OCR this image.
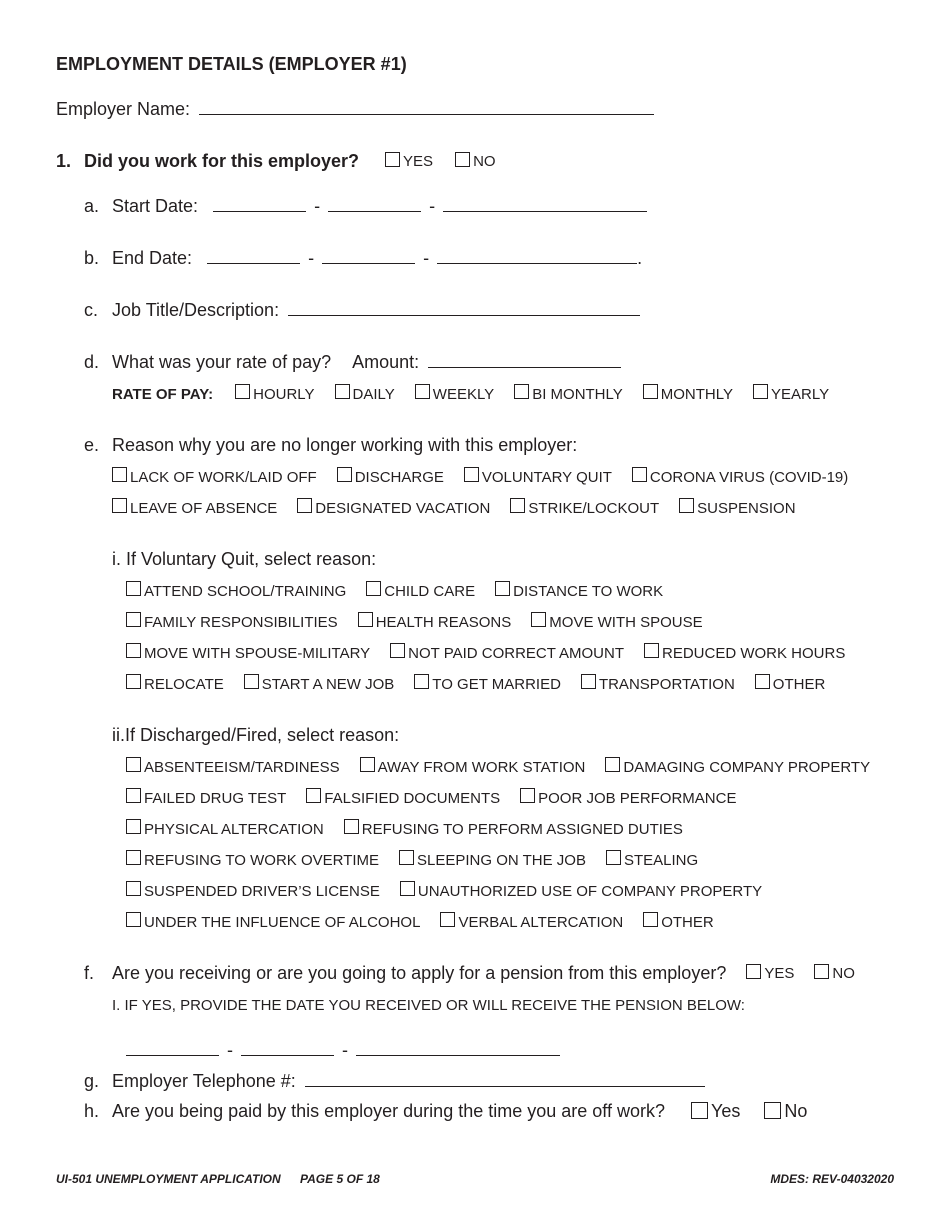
EMPLOYMENT DETAILS (EMPLOYER #1)
Employer Name:
1. Did you work for this employer?	YES	NO
a. Start Date:	-	-
b. End Date:	-	-	.
c. Job Title/Description:
d. What was your rate of pay? Amount:
RATE OF PAY:	HOURLY	DAILY	WEEKLY	BI MONTHLY	MONTHLY	YEARLY
e. Reason why you are no longer working with this employer:
LACK OF WORK/LAID OFF	DISCHARGE	VOLUNTARY QUIT	CORONA VIRUS (COVID-19)
LEAVE OF ABSENCE	DESIGNATED VACATION	STRIKE/LOCKOUT	SUSPENSION
i. If Voluntary Quit, select reason:
ATTEND SCHOOL/TRAINING	CHILD CARE	DISTANCE TO WORK
FAMILY RESPONSIBILITIES	HEALTH REASONS	MOVE WITH SPOUSE
MOVE WITH SPOUSE-MILITARY	NOT PAID CORRECT AMOUNT	REDUCED WORK HOURS
RELOCATE	START A NEW JOB	TO GET MARRIED	TRANSPORTATION	OTHER
ii.If Discharged/Fired, select reason:
ABSENTEEISM/TARDINESS	AWAY FROM WORK STATION	DAMAGING COMPANY PROPERTY
FAILED DRUG TEST	FALSIFIED DOCUMENTS	POOR JOB PERFORMANCE
PHYSICAL ALTERCATION	REFUSING TO PERFORM ASSIGNED DUTIES
REFUSING TO WORK OVERTIME	SLEEPING ON THE JOB	STEALING
SUSPENDED DRIVER’S LICENSE	UNAUTHORIZED USE OF COMPANY PROPERTY
UNDER THE INFLUENCE OF ALCOHOL	VERBAL ALTERCATION	OTHER
f. Are you receiving or are you going to apply for a pension from this employer?	YES	NO
I. IF YES, PROVIDE THE DATE YOU RECEIVED OR WILL RECEIVE THE PENSION BELOW:
-	-
g. Employer Telephone #:
h. Are you being paid by this employer during the time you are off work?	Yes No
UI-501 UNEMPLOYMENT APPLICATION PAGE 5 OF 18	MDES: REV-04032020
